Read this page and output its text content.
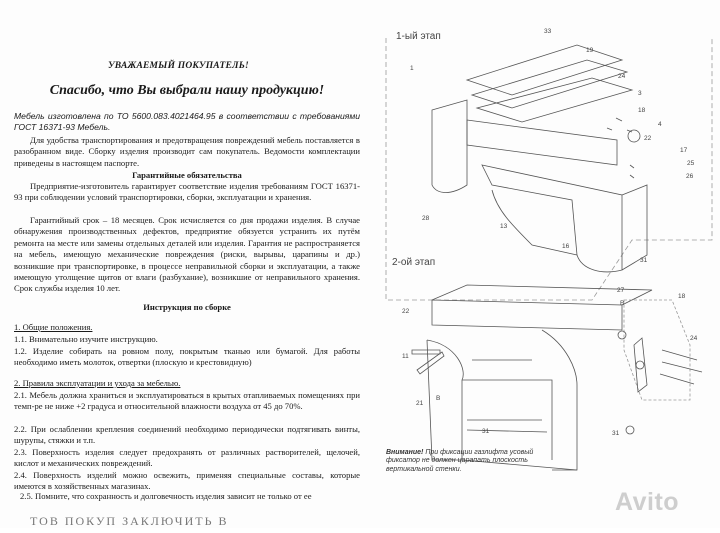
УВАЖАЕМЫЙ ПОКУПАТЕЛЬ!
Спасибо, что Вы выбрали нашу продукцию!
Мебель изготовлена по ТО 5600.083.4021464.95 в соответствии с требованиями ГОСТ 16371-93 Мебель.
Для удобства транспортирования и предотвращения повреждений мебель поставляется в разобранном виде. Сборку изделия производит сам покупатель. Ведомости комплектации приведены в настоящем паспорте.
Гарантийные обязательства
Предприятие-изготовитель гарантирует соответствие изделия требованиям ГОСТ 16371-93 при соблюдении условий транспортировки, сборки, эксплуатации и хранения.
Гарантийный срок – 18 месяцев. Срок исчисляется со дня продажи изделия. В случае обнаружения производственных дефектов, предприятие обязуется устранить их путём ремонта на месте или замены отдельных деталей или изделия. Гарантия не распространяется на мебель, имеющую механические повреждения (риски, вырывы, царапины и др.) возникшие при транспортировке, в процессе неправильной сборки и эксплуатации, а также имеющую утолщение щитов от влаги (разбухание), возникшие от неправильного хранения. Срок службы изделия 10 лет.
Инструкция по сборке
1. Общие положения.
1.1. Внимательно изучите инструкцию.
1.2. Изделие собирать на ровном полу, покрытым тканью или бумагой. Для работы необходимо иметь молоток, отвертки (плоскую и крестовидную)
2. Правила эксплуатации и ухода за мебелью.
2.1. Мебель должна храниться и эксплуатироваться в крытых отапливаемых помещениях при темп-ре не ниже +2 градуса и относительной влажности воздуха от 45 до 70%.
2.2. При ослаблении крепления соединений необходимо периодически подтягивать винты, шурупы, стяжки и т.п.
2.3. Поверхность изделия следует предохранять от различных растворителей, щелочей, кислот и механических повреждений.
2.4. Поверхность изделий можно освежить, применяя специальные составы, которые имеются в хозяйственных магазинах.
2.5. Помните, что сохранность и долговечность изделия зависит не только от ее
33
19
24
3
18
4
22
17
25
26
1
28
13
16
31
27
22
11
B
21
31
B
18
24
31
1-ый этап
2-ой этап
Внимание! При фиксации газлифта усовый фиксатор не должен царапать плоскость вертикальной стенки.
Avito
ТОВ ПОКУП ЗАКЛЮЧИТЬ В
